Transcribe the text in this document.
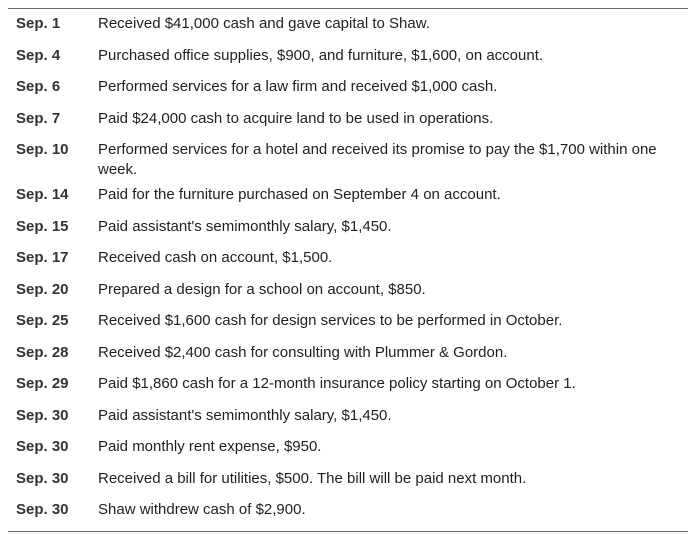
Sep. 1	Received $41,000 cash and gave capital to Shaw.
Sep. 4	Purchased office supplies, $900, and furniture, $1,600, on account.
Sep. 6	Performed services for a law firm and received $1,000 cash.
Sep. 7	Paid $24,000 cash to acquire land to be used in operations.
Sep. 10	Performed services for a hotel and received its promise to pay the $1,700 within one week.
Sep. 14	Paid for the furniture purchased on September 4 on account.
Sep. 15	Paid assistant's semimonthly salary, $1,450.
Sep. 17	Received cash on account, $1,500.
Sep. 20	Prepared a design for a school on account, $850.
Sep. 25	Received $1,600 cash for design services to be performed in October.
Sep. 28	Received $2,400 cash for consulting with Plummer & Gordon.
Sep. 29	Paid $1,860 cash for a 12-month insurance policy starting on October 1.
Sep. 30	Paid assistant's semimonthly salary, $1,450.
Sep. 30	Paid monthly rent expense, $950.
Sep. 30	Received a bill for utilities, $500. The bill will be paid next month.
Sep. 30	Shaw withdrew cash of $2,900.
